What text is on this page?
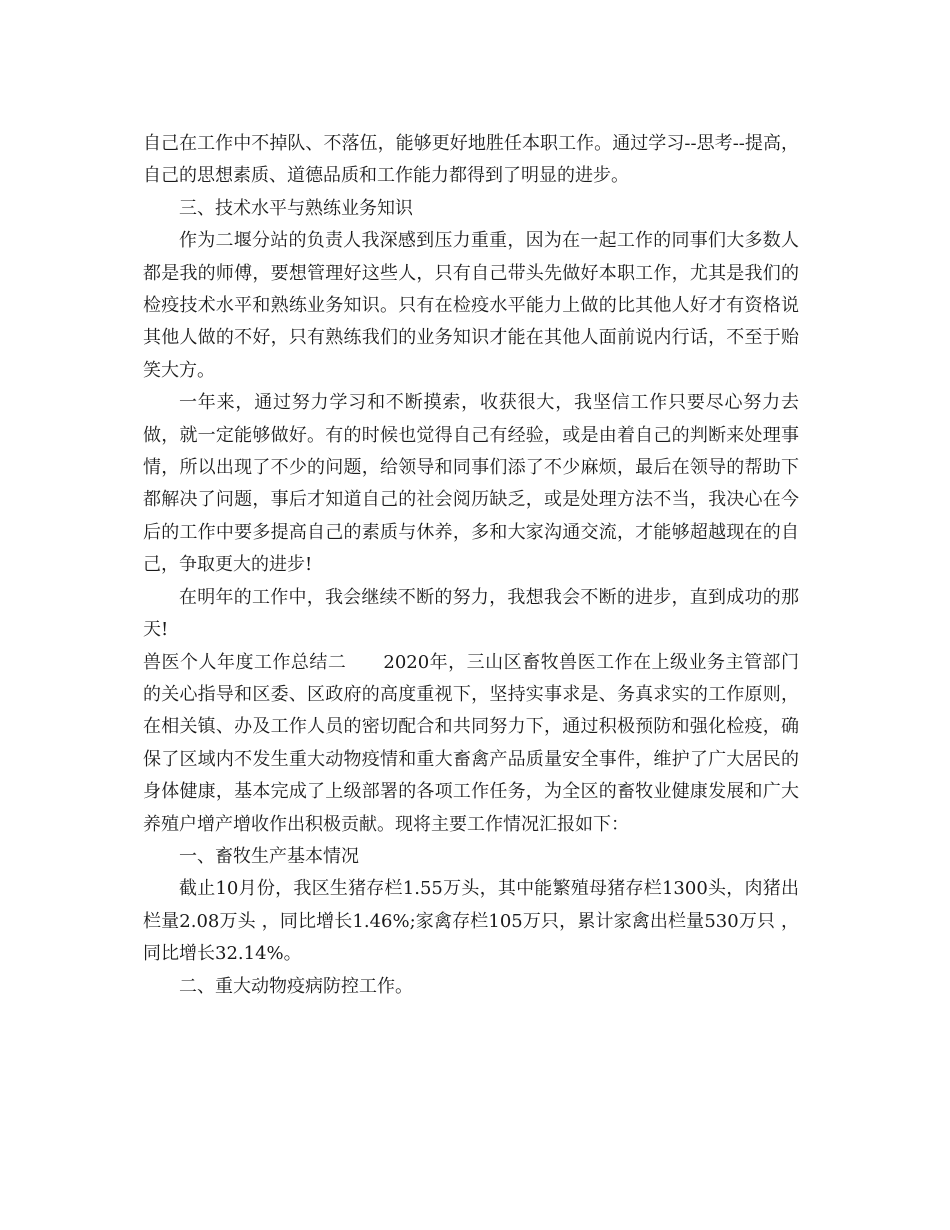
自己在工作中不掉队、不落伍，能够更好地胜任本职工作。通过学习--思考--提高，自己的思想素质、道德品质和工作能力都得到了明显的进步。

三、技术水平与熟练业务知识

作为二堰分站的负责人我深感到压力重重，因为在一起工作的同事们大多数人都是我的师傅，要想管理好这些人，只有自己带头先做好本职工作，尤其是我们的检疫技术水平和熟练业务知识。只有在检疫水平能力上做的比其他人好才有资格说其他人做的不好，只有熟练我们的业务知识才能在其他人面前说内行话，不至于贻笑大方。

一年来，通过努力学习和不断摸索，收获很大，我坚信工作只要尽心努力去做，就一定能够做好。有的时候也觉得自己有经验，或是由着自己的判断来处理事情，所以出现了不少的问题，给领导和同事们添了不少麻烦，最后在领导的帮助下都解决了问题，事后才知道自己的社会阅历缺乏，或是处理方法不当，我决心在今后的工作中要多提高自己的素质与休养，多和大家沟通交流，才能够超越现在的自己，争取更大的进步!

在明年的工作中，我会继续不断的努力，我想我会不断的进步，直到成功的那天!

兽医个人年度工作总结二　　2020年，三山区畜牧兽医工作在上级业务主管部门的关心指导和区委、区政府的高度重视下，坚持实事求是、务真求实的工作原则，在相关镇、办及工作人员的密切配合和共同努力下，通过积极预防和强化检疫，确保了区域内不发生重大动物疫情和重大畜禽产品质量安全事件，维护了广大居民的身体健康，基本完成了上级部署的各项工作任务，为全区的畜牧业健康发展和广大养殖户增产增收作出积极贡献。现将主要工作情况汇报如下：

一、畜牧生产基本情况

截止10月份，我区生猪存栏1.55万头，其中能繁殖母猪存栏1300头，肉猪出栏量2.08万头 ，同比增长1.46%;家禽存栏105万只，累计家禽出栏量530万只 ，同比增长32.14%。

二、重大动物疫病防控工作。
